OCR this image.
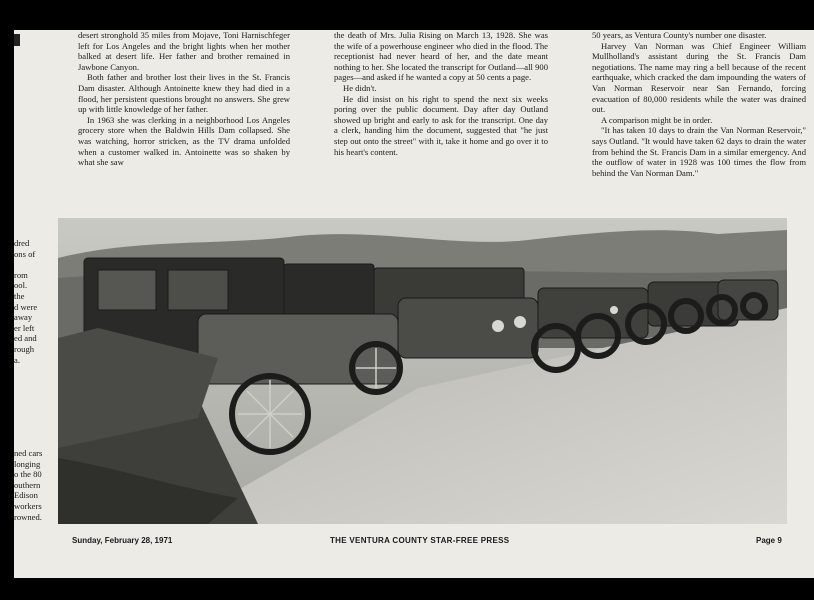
dred
ons of

rom
ool.
the
d were
away
er left
ed and
rough
a.
ned cars
longing
o the 80
outhern
Edison
workers
rowned.

desert stronghold 35 miles from Mojave, Toni Harnischfeger left for Los Angeles and the bright lights when her mother balked at desert life. Her father and brother remained in Jawbone Canyon.

Both father and brother lost their lives in the St. Francis Dam disaster. Although Antoinette knew they had died in a flood, her persistent questions brought no answers. She grew up with little knowledge of her father.

In 1963 she was clerking in a neighborhood Los Angeles grocery store when the Baldwin Hills Dam collapsed. She was watching, horror stricken, as the TV drama unfolded when a customer walked in. Antoinette was so shaken by what she saw

the death of Mrs. Julia Rising on March 13, 1928. She was the wife of a powerhouse engineer who died in the flood. The receptionist had never heard of her, and the date meant nothing to her. She located the transcript for Outland—all 900 pages—and asked if he wanted a copy at 50 cents a page.

He didn't.

He did insist on his right to spend the next six weeks poring over the public document. Day after day Outland showed up bright and early to ask for the transcript. One day a clerk, handing him the document, suggested that "he just step out onto the street" with it, take it home and go over it to his heart's content.

50 years, as Ventura County's number one disaster.

Harvey Van Norman was Chief Engineer William Mullholland's assistant during the St. Francis Dam negotiations. The name may ring a bell because of the recent earthquake, which cracked the dam impounding the waters of Van Norman Reservoir near San Fernando, forcing evacuation of 80,000 residents while the water was drained out.

A comparison might be in order.

"It has taken 10 days to drain the Van Norman Reservoir," says Outland. "It would have taken 62 days to drain the water from behind the St. Francis Dam in a similar emergency. And the outflow of water in 1928 was 100 times the flow from behind the Van Norman Dam."

Sunday, February 28, 1971	THE VENTURA COUNTY STAR-FREE PRESS	Page 9
